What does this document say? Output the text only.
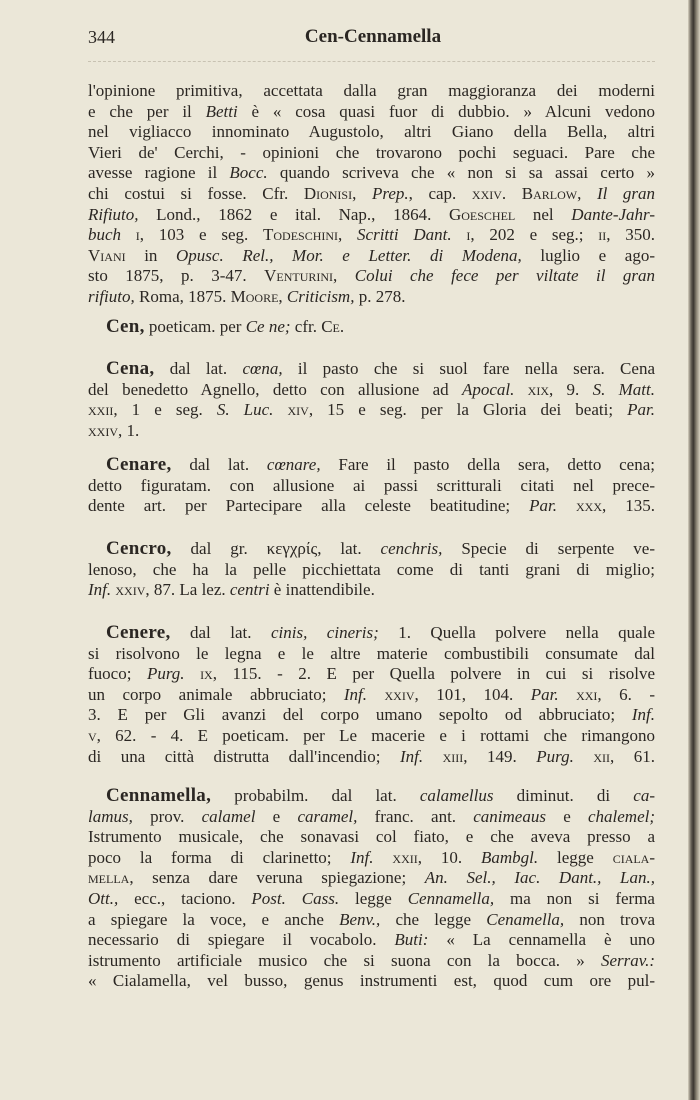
344	Cen-Cennamella
l'opinione primitiva, accettata dalla gran maggioranza dei moderni
e che per il Betti è « cosa quasi fuor di dubbio. » Alcuni vedono
nel vigliacco innominato Augustolo, altri Giano della Bella, altri
Vieri de' Cerchi, - opinioni che trovarono pochi seguaci. Pare che
avesse ragione il Bocc. quando scriveva che « non si sa assai certo »
chi costui si fosse. Cfr. Dionisi, Prep., cap. xxiv. Barlow, Il gran
Rifiuto, Lond., 1862 e ital. Nap., 1864. Goeschel nel Dante-Jahr-
buch i, 103 e seg. Todeschini, Scritti Dant. i, 202 e seg.; ii, 350.
Viani in Opusc. Rel., Mor. e Letter. di Modena, luglio e ago-
sto 1875, p. 3-47. Venturini, Colui che fece per viltate il gran
rifiuto, Roma, 1875. Moore, Criticism, p. 278.
Cen, poeticam. per Ce ne; cfr. Ce.
Cena, dal lat. cœna, il pasto che si suol fare nella sera. Cena
del benedetto Agnello, detto con allusione ad Apocal. xix, 9. S. Matt.
xxii, 1 e seg. S. Luc. xiv, 15 e seg. per la Gloria dei beati; Par.
xxiv, 1.
Cenare, dal lat. cœnare, Fare il pasto della sera, detto cena;
detto figuratam. con allusione ai passi scritturali citati nel prece-
dente art. per Partecipare alla celeste beatitudine; Par. xxx, 135.
Cencro, dal gr. κεγχρίς, lat. cenchris, Specie di serpente ve-
lenoso, che ha la pelle picchiettata come di tanti grani di miglio;
Inf. xxiv, 87. La lez. centri è inattendibile.
Cenere, dal lat. cinis, cineris; 1. Quella polvere nella quale
si risolvono le legna e le altre materie combustibili consumate dal
fuoco; Purg. ix, 115. - 2. E per Quella polvere in cui si risolve
un corpo animale abbruciato; Inf. xxiv, 101, 104. Par. xxi, 6. -
3. E per Gli avanzi del corpo umano sepolto od abbruciato; Inf.
v, 62. - 4. E poeticam. per Le macerie e i rottami che rimangono
di una città distrutta dall'incendio; Inf. xiii, 149. Purg. xii, 61.
Cennamella, probabilm. dal lat. calamellus diminut. di ca-
lamus, prov. calamel e caramel, franc. ant. canimeaus e chalemel;
Istrumento musicale, che sonavasi col fiato, e che aveva presso a
poco la forma di clarinetto; Inf. xxii, 10. Bambgl. legge ciala-
mella, senza dare veruna spiegazione; An. Sel., Iac. Dant., Lan.,
Ott., ecc., taciono. Post. Cass. legge Cennamella, ma non si ferma
a spiegare la voce, e anche Benv., che legge Cenamella, non trova
necessario di spiegare il vocabolo. Buti: « La cennamella è uno
istrumento artificiale musico che si suona con la bocca. » Serrav.:
« Cialamella, vel busso, genus instrumenti est, quod cum ore pul-
